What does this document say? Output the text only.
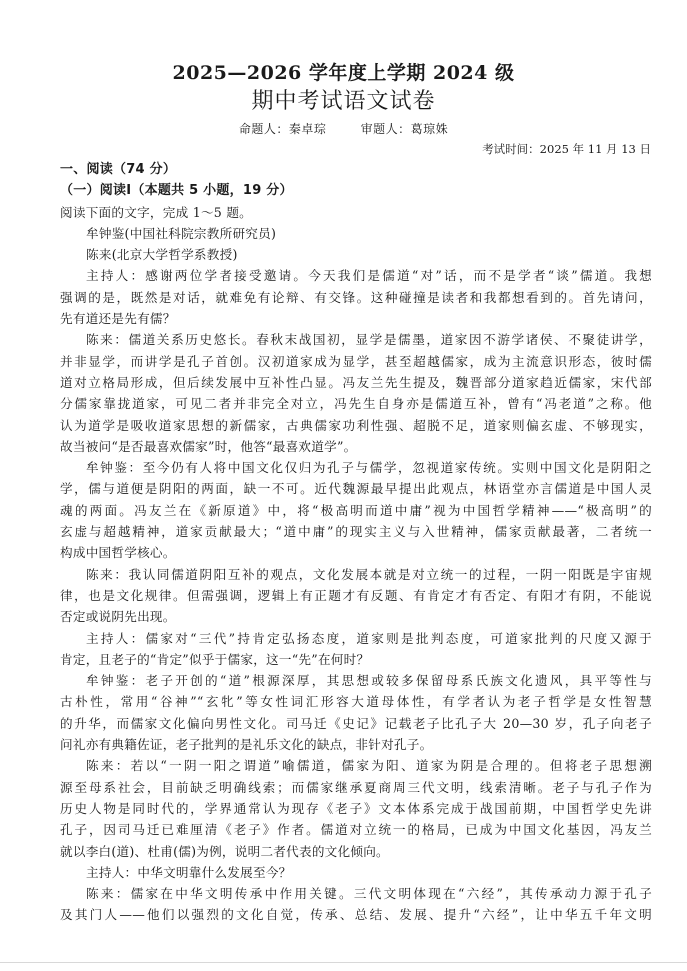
2025—2026 学年度上学期 2024 级
期中考试语文试卷
命题人：秦卓琮	审题人：葛琼姝
考试时间：2025 年 11 月 13 日
一、阅读（74 分）
（一）阅读Ⅰ（本题共 5 小题，19 分）
阅读下面的文字，完成 1～5 题。
牟钟鉴(中国社科院宗教所研究员)
陈来(北京大学哲学系教授)
主持人：感谢两位学者接受邀请。今天我们是儒道“对”话，而不是学者“谈”儒道。我想
强调的是，既然是对话，就难免有论辩、有交锋。这种碰撞是读者和我都想看到的。首先请问，
先有道还是先有儒？
陈来：儒道关系历史悠长。春秋末战国初，显学是儒墨，道家因不游学诸侯、不聚徒讲学，
并非显学，而讲学是孔子首创。汉初道家成为显学，甚至超越儒家，成为主流意识形态，彼时儒
道对立格局形成，但后续发展中互补性凸显。冯友兰先生提及，魏晋部分道家趋近儒家，宋代部
分儒家靠拢道家，可见二者并非完全对立，冯先生自身亦是儒道互补，曾有“冯老道”之称。他
认为道学是吸收道家思想的新儒家，古典儒家功利性强、超脱不足，道家则偏玄虚、不够现实，
故当被问“是否最喜欢儒家”时，他答“最喜欢道学”。
牟钟鉴：至今仍有人将中国文化仅归为孔子与儒学，忽视道家传统。实则中国文化是阴阳之
学，儒与道便是阴阳的两面，缺一不可。近代魏源最早提出此观点，林语堂亦言儒道是中国人灵
魂的两面。冯友兰在《新原道》中，将“极高明而道中庸”视为中国哲学精神——“极高明”的
玄虚与超越精神，道家贡献最大；“道中庸”的现实主义与入世精神，儒家贡献最著，二者统一
构成中国哲学核心。
陈来：我认同儒道阴阳互补的观点，文化发展本就是对立统一的过程，一阴一阳既是宇宙规
律，也是文化规律。但需强调，逻辑上有正题才有反题、有肯定才有否定、有阳才有阴，不能说
否定或说阴先出现。
主持人：儒家对“三代”持肯定弘扬态度，道家则是批判态度，可道家批判的尺度又源于
肯定，且老子的“肯定”似乎于儒家，这一“先”在何时？
牟钟鉴：老子开创的“道”根源深厚，其思想或较多保留母系氏族文化遗风，具平等性与
古朴性，常用“谷神”“玄牝”等女性词汇形容大道母体性，有学者认为老子哲学是女性智慧
的升华，而儒家文化偏向男性文化。司马迁《史记》记载老子比孔子大 20—30 岁，孔子向老子
问礼亦有典籍佐证，老子批判的是礼乐文化的缺点，非针对孔子。
陈来：若以“一阴一阳之谓道”喻儒道，儒家为阳、道家为阴是合理的。但将老子思想溯
源至母系社会，目前缺乏明确线索；而儒家继承夏商周三代文明，线索清晰。老子与孔子作为
历史人物是同时代的，学界通常认为现存《老子》文本体系完成于战国前期，中国哲学史先讲
孔子，因司马迁已难厘清《老子》作者。儒道对立统一的格局，已成为中国文化基因，冯友兰
就以李白(道)、杜甫(儒)为例，说明二者代表的文化倾向。
主持人：中华文明靠什么发展至今？
陈来：儒家在中华文明传承中作用关键。三代文明体现在“六经”，其传承动力源于孔子
及其门人——他们以强烈的文化自觉，传承、总结、发展、提升“六经”，让中华五千年文明
